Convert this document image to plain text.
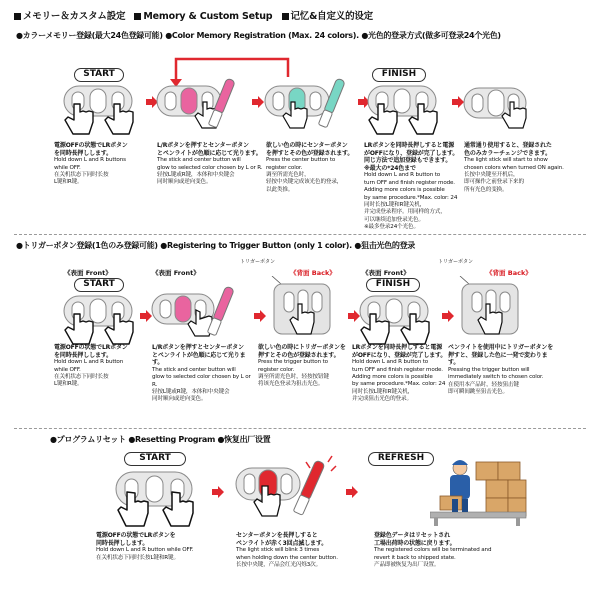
メモリー＆カスタム設定 Memory & Custom Setup 记忆&自定义的设定
●カラーメモリー登録(最大24色登録可能) ●Color Memory Registration (Max. 24 colors). ●光色的登录方式(做多可登录24个光色)
START	FINISH
電源OFFの状態でLRボタン
を同時長押しします。
Hold down L and R buttons
while OFF.
在关机状态下同时长按
L键和R键。
L/Rボタンを押すとセンターボタン
とペンライトが色順に応じて光ります。
The stick and center button will
glow to selected color chosen by L or R.
轻按L键或R键，本体和中央键会
同时顺向或逆向变色。
欲しい色の時にセンターボタン
を押すとその色が登録されます。
Press the center button to
register color.
调至所需光色时，
轻按中央键完成该光色的登录，
以此类推。
LRボタンを同時長押しすると電源
がOFFになり、登録が完了します。
同じ方法で追加登録もできます。
※最大の*24色まで
Hold down L and R button to
turn OFF and finish register mode.
Adding more colors is possible
by same procedure.*Max. color: 24
同时长按L键和R键关机，
并完成登录程序。用同样的方式，
可以继续追加登录光色。
※最多登录24个光色。
通常通り使用すると、登録された
色のみカラーチェンジできます。
The light stick will start to show
chosen colors when turned ON again.
长按中央键至开机后，
即可操作之前登录下来的
所有光色的变换。
●トリガーボタン登録(1色のみ登録可能) ●Registering to Trigger Button (only 1 color). ●狙击光色的登录
《表面 Front》
START
《表面 Front》
トリガーボタン
《背面 Back》	《表面 Front》
FINISH
トリガーボタン
《背面 Back》
電源OFFの状態でLRボタン
を同時長押しします。
Hold down L and R button
while OFF.
在关机状态下同时长按
L键和R键。
L/Rボタンを押すとセンターボタン
とペンライトが色順に応じて光ります。
The stick and center button will
glow to selected color chosen by L or R.
轻按L键或R键，本体和中央键会
同时顺向或逆向变色。
欲しい色の時にトリガーボタンを
押すとその色が登録されます。
Press the trigger button to
register color.
调至所需光色时，轻按按钮键
将该光色登录为狙击光色。
LRボタンを同時長押しすると電源
がOFFになり、登録が完了します。
Hold down L and R button to
turn OFF and finish register mode.
Adding more colors is possible
by same procedure.*Max. color: 24
同时长按L键和R键关机，
并完成狙击光色的登录。
ペンライトを使用中にトリガーボタンを
押すと、登録した色に一発で変わります。
Pressing the trigger button will
immediately switch to chosen color.
在使用本产品时，轻按狙击键
即可瞬间跳至狙击光色。
●プログラムリセット ●Resetting Program ●恢复出厂设置
START	REFRESH
電源OFFの状態でLRボタンを
同時長押しします。
Hold down L and R button while OFF.
在关机状态下同时长按L键和R键。
センターボタンを長押しすると
ペンライトが赤く3回点滅します。
The light stick will blink 3 times
when holding down the center button.
长按中央键，产品会红光闪烁3次。
登録色データはリセットされ
工場出荷時の状態に戻ります。
The registered colors will be terminated and
revert it back to shipped state.
产品即被恢复为出厂设置。
